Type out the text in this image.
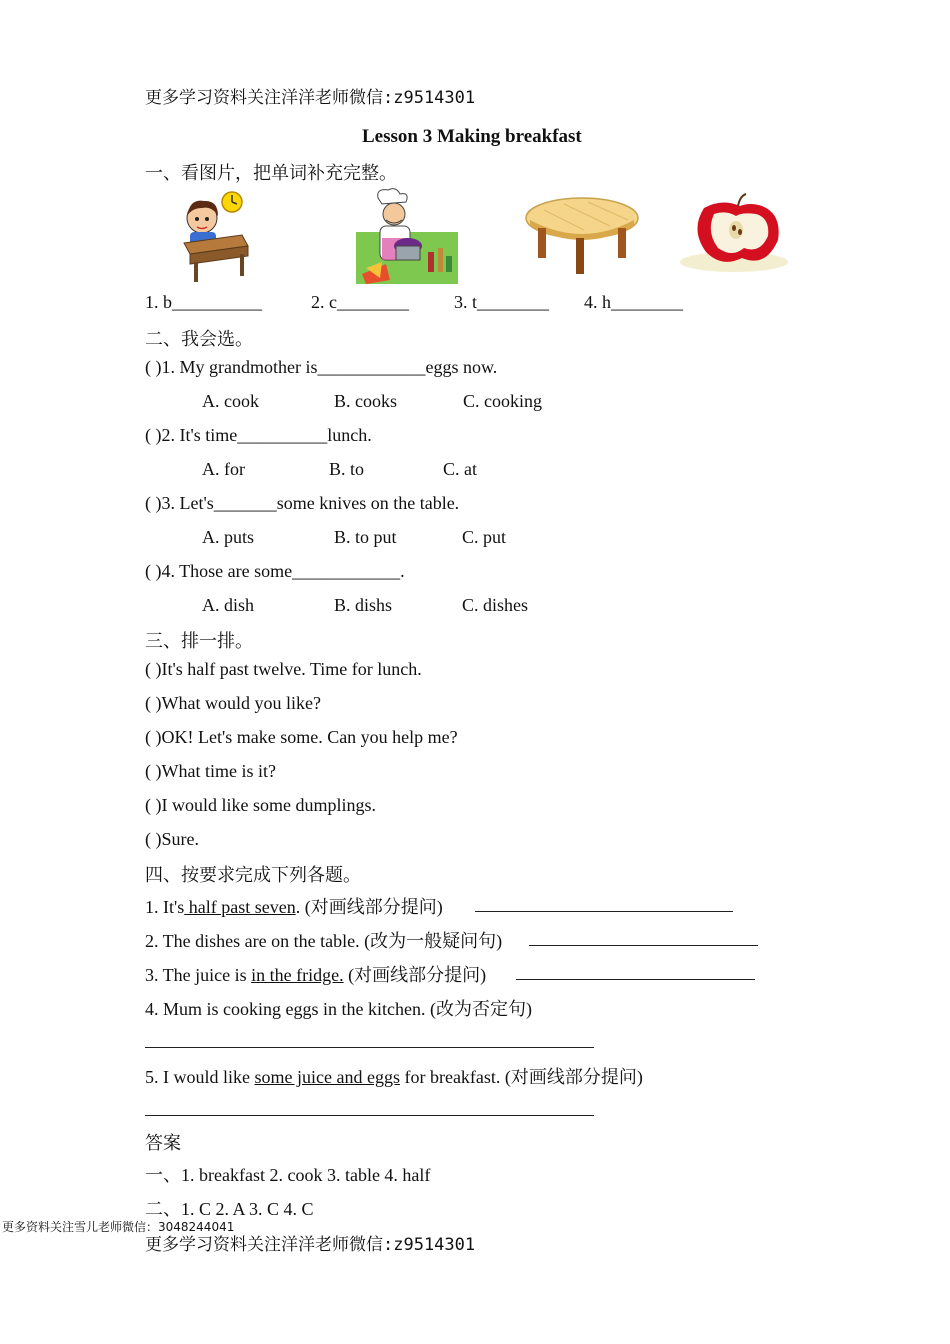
更多学习资料关注洋洋老师微信:z9514301
Lesson 3 Making breakfast
一、看图片，把单词补充完整。
1. b__________	2. c________	3. t________ 4. h________
二、我会选。
( )1. My grandmother is____________eggs now.
A. cook	B. cooks	C. cooking
( )2. It's time__________lunch.
A. for	B. to	C. at
( )3. Let's_______some knives on the table.
A. puts	B. to put	C. put
( )4. Those are some____________.
A. dish	B. dishs	C. dishes
三、排一排。
( )It's half past twelve. Time for lunch.
( )What would you like?
( )OK! Let's make some. Can you help me?
( )What time is it?
( )I would like some dumplings.
( )Sure.
四、按要求完成下列各题。
1. It's half past seven. (对画线部分提问)
2. The dishes are on the table. (改为一般疑问句)
3. The juice is in the fridge. (对画线部分提问)
4. Mum is cooking eggs in the kitchen. (改为否定句)
5. I would like some juice and eggs for breakfast. (对画线部分提问)
答案
一、1. breakfast 2. cook 3. table 4. half
二、1. C 2. A 3. C 4. C
更多资料关注雪儿老师微信：3048244041
更多学习资料关注洋洋老师微信:z9514301
